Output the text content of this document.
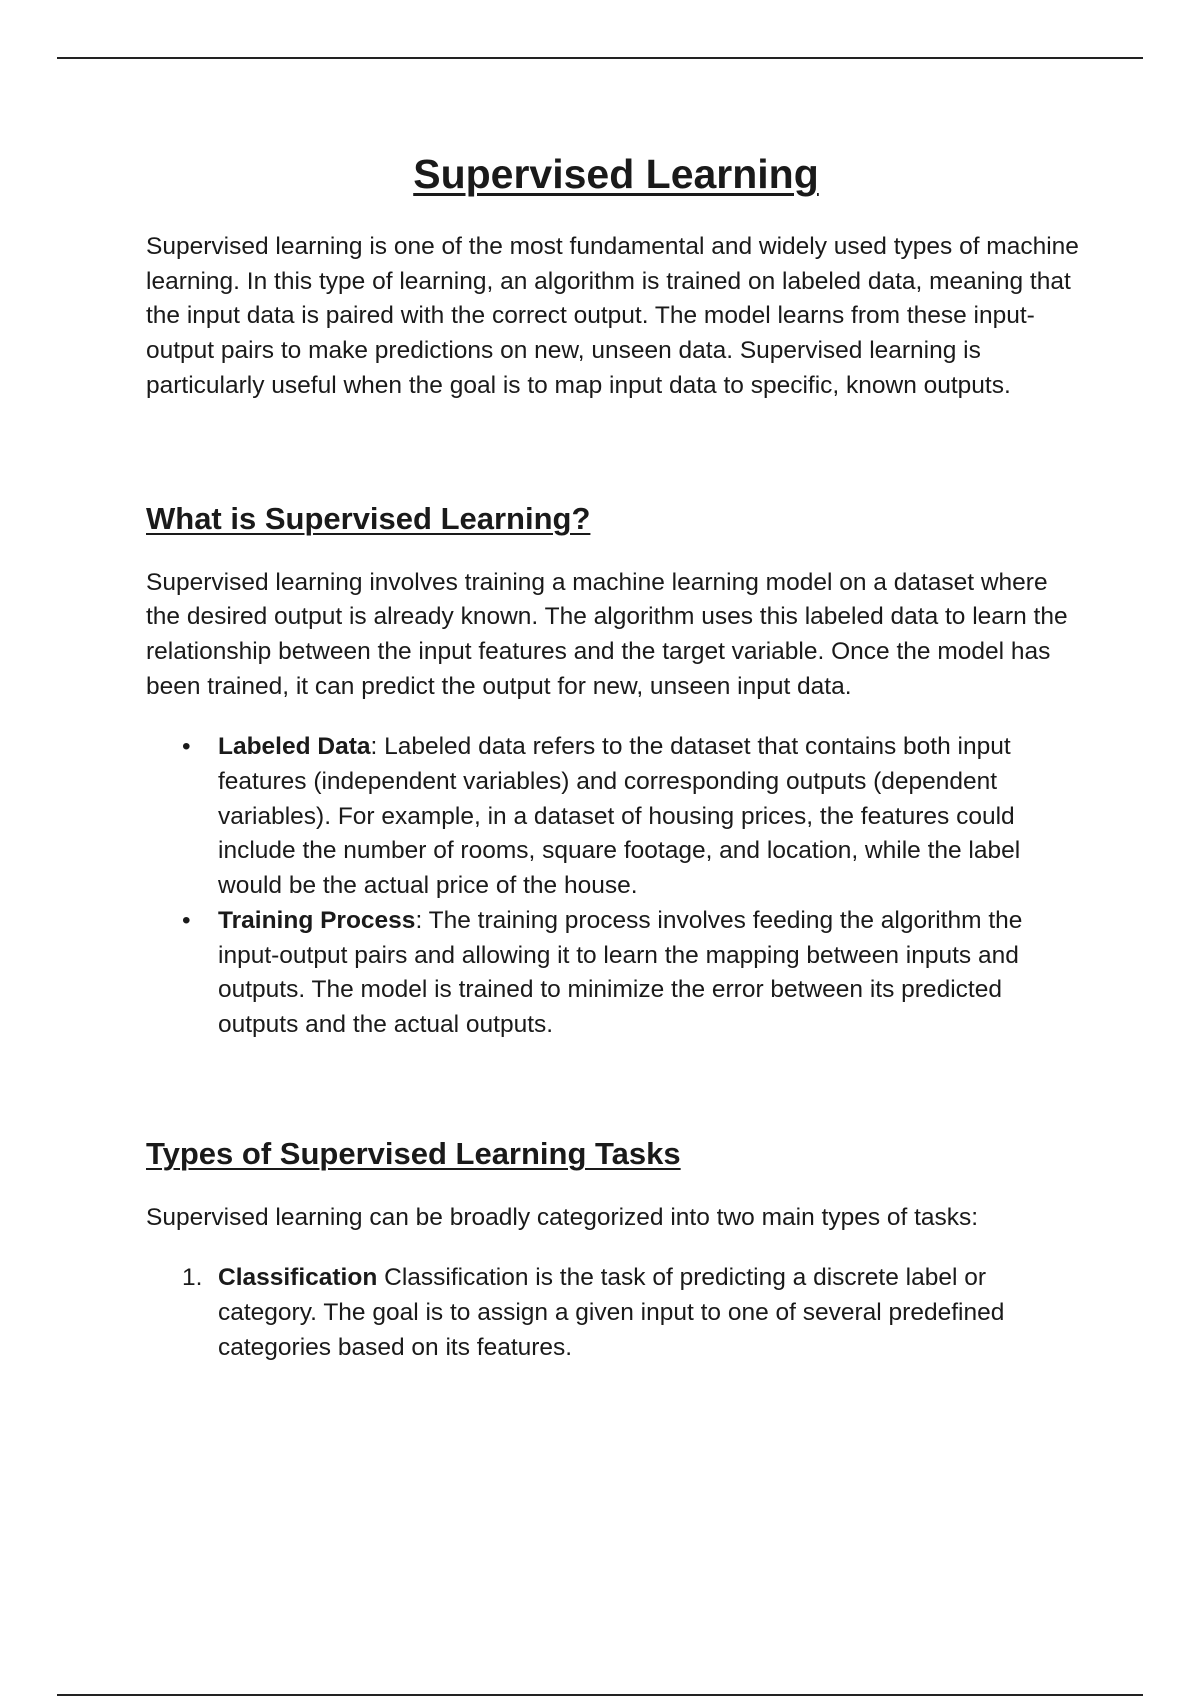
Supervised Learning

Supervised learning is one of the most fundamental and widely used types of machine learning. In this type of learning, an algorithm is trained on labeled data, meaning that the input data is paired with the correct output. The model learns from these input-output pairs to make predictions on new, unseen data. Supervised learning is particularly useful when the goal is to map input data to specific, known outputs.

What is Supervised Learning?

Supervised learning involves training a machine learning model on a dataset where the desired output is already known. The algorithm uses this labeled data to learn the relationship between the input features and the target variable. Once the model has been trained, it can predict the output for new, unseen input data.

• Labeled Data: Labeled data refers to the dataset that contains both input features (independent variables) and corresponding outputs (dependent variables). For example, in a dataset of housing prices, the features could include the number of rooms, square footage, and location, while the label would be the actual price of the house.
• Training Process: The training process involves feeding the algorithm the input-output pairs and allowing it to learn the mapping between inputs and outputs. The model is trained to minimize the error between its predicted outputs and the actual outputs.
Types of Supervised Learning Tasks

Supervised learning can be broadly categorized into two main types of tasks:

1. Classification Classification is the task of predicting a discrete label or category. The goal is to assign a given input to one of several predefined categories based on its features.
